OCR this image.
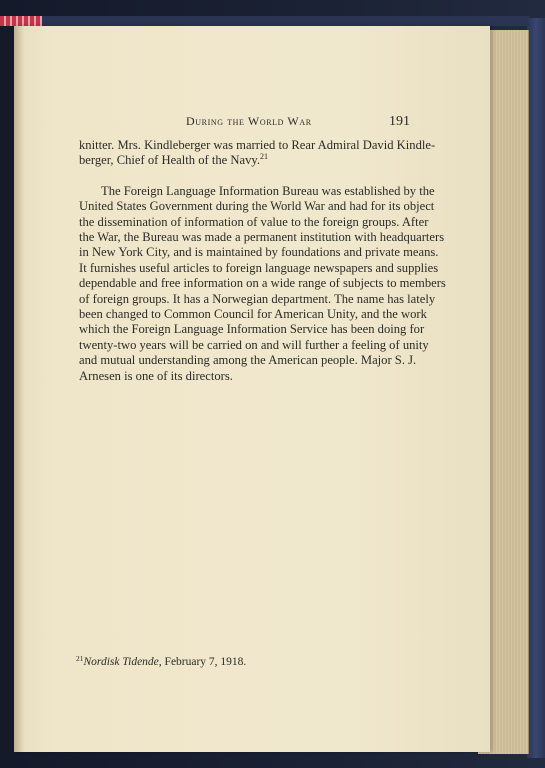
During the World War	191
knitter. Mrs. Kindleberger was married to Rear Admiral David Kindle-
berger, Chief of Health of the Navy.$^{21}$
The Foreign Language Information Bureau was established by the
United States Government during the World War and had for its object
the dissemination of information of value to the foreign groups. After
the War, the Bureau was made a permanent institution with headquarters
in New York City, and is maintained by foundations and private means.
It furnishes useful articles to foreign language newspapers and supplies
dependable and free information on a wide range of subjects to members
of foreign groups. It has a Norwegian department. The name has lately
been changed to Common Council for American Unity, and the work
which the Foreign Language Information Service has been doing for
twenty-two years will be carried on and will further a feeling of unity
and mutual understanding among the American people. Major S. J.
Arnesen is one of its directors.
$^{21}$Nordisk Tidende, February 7, 1918.
